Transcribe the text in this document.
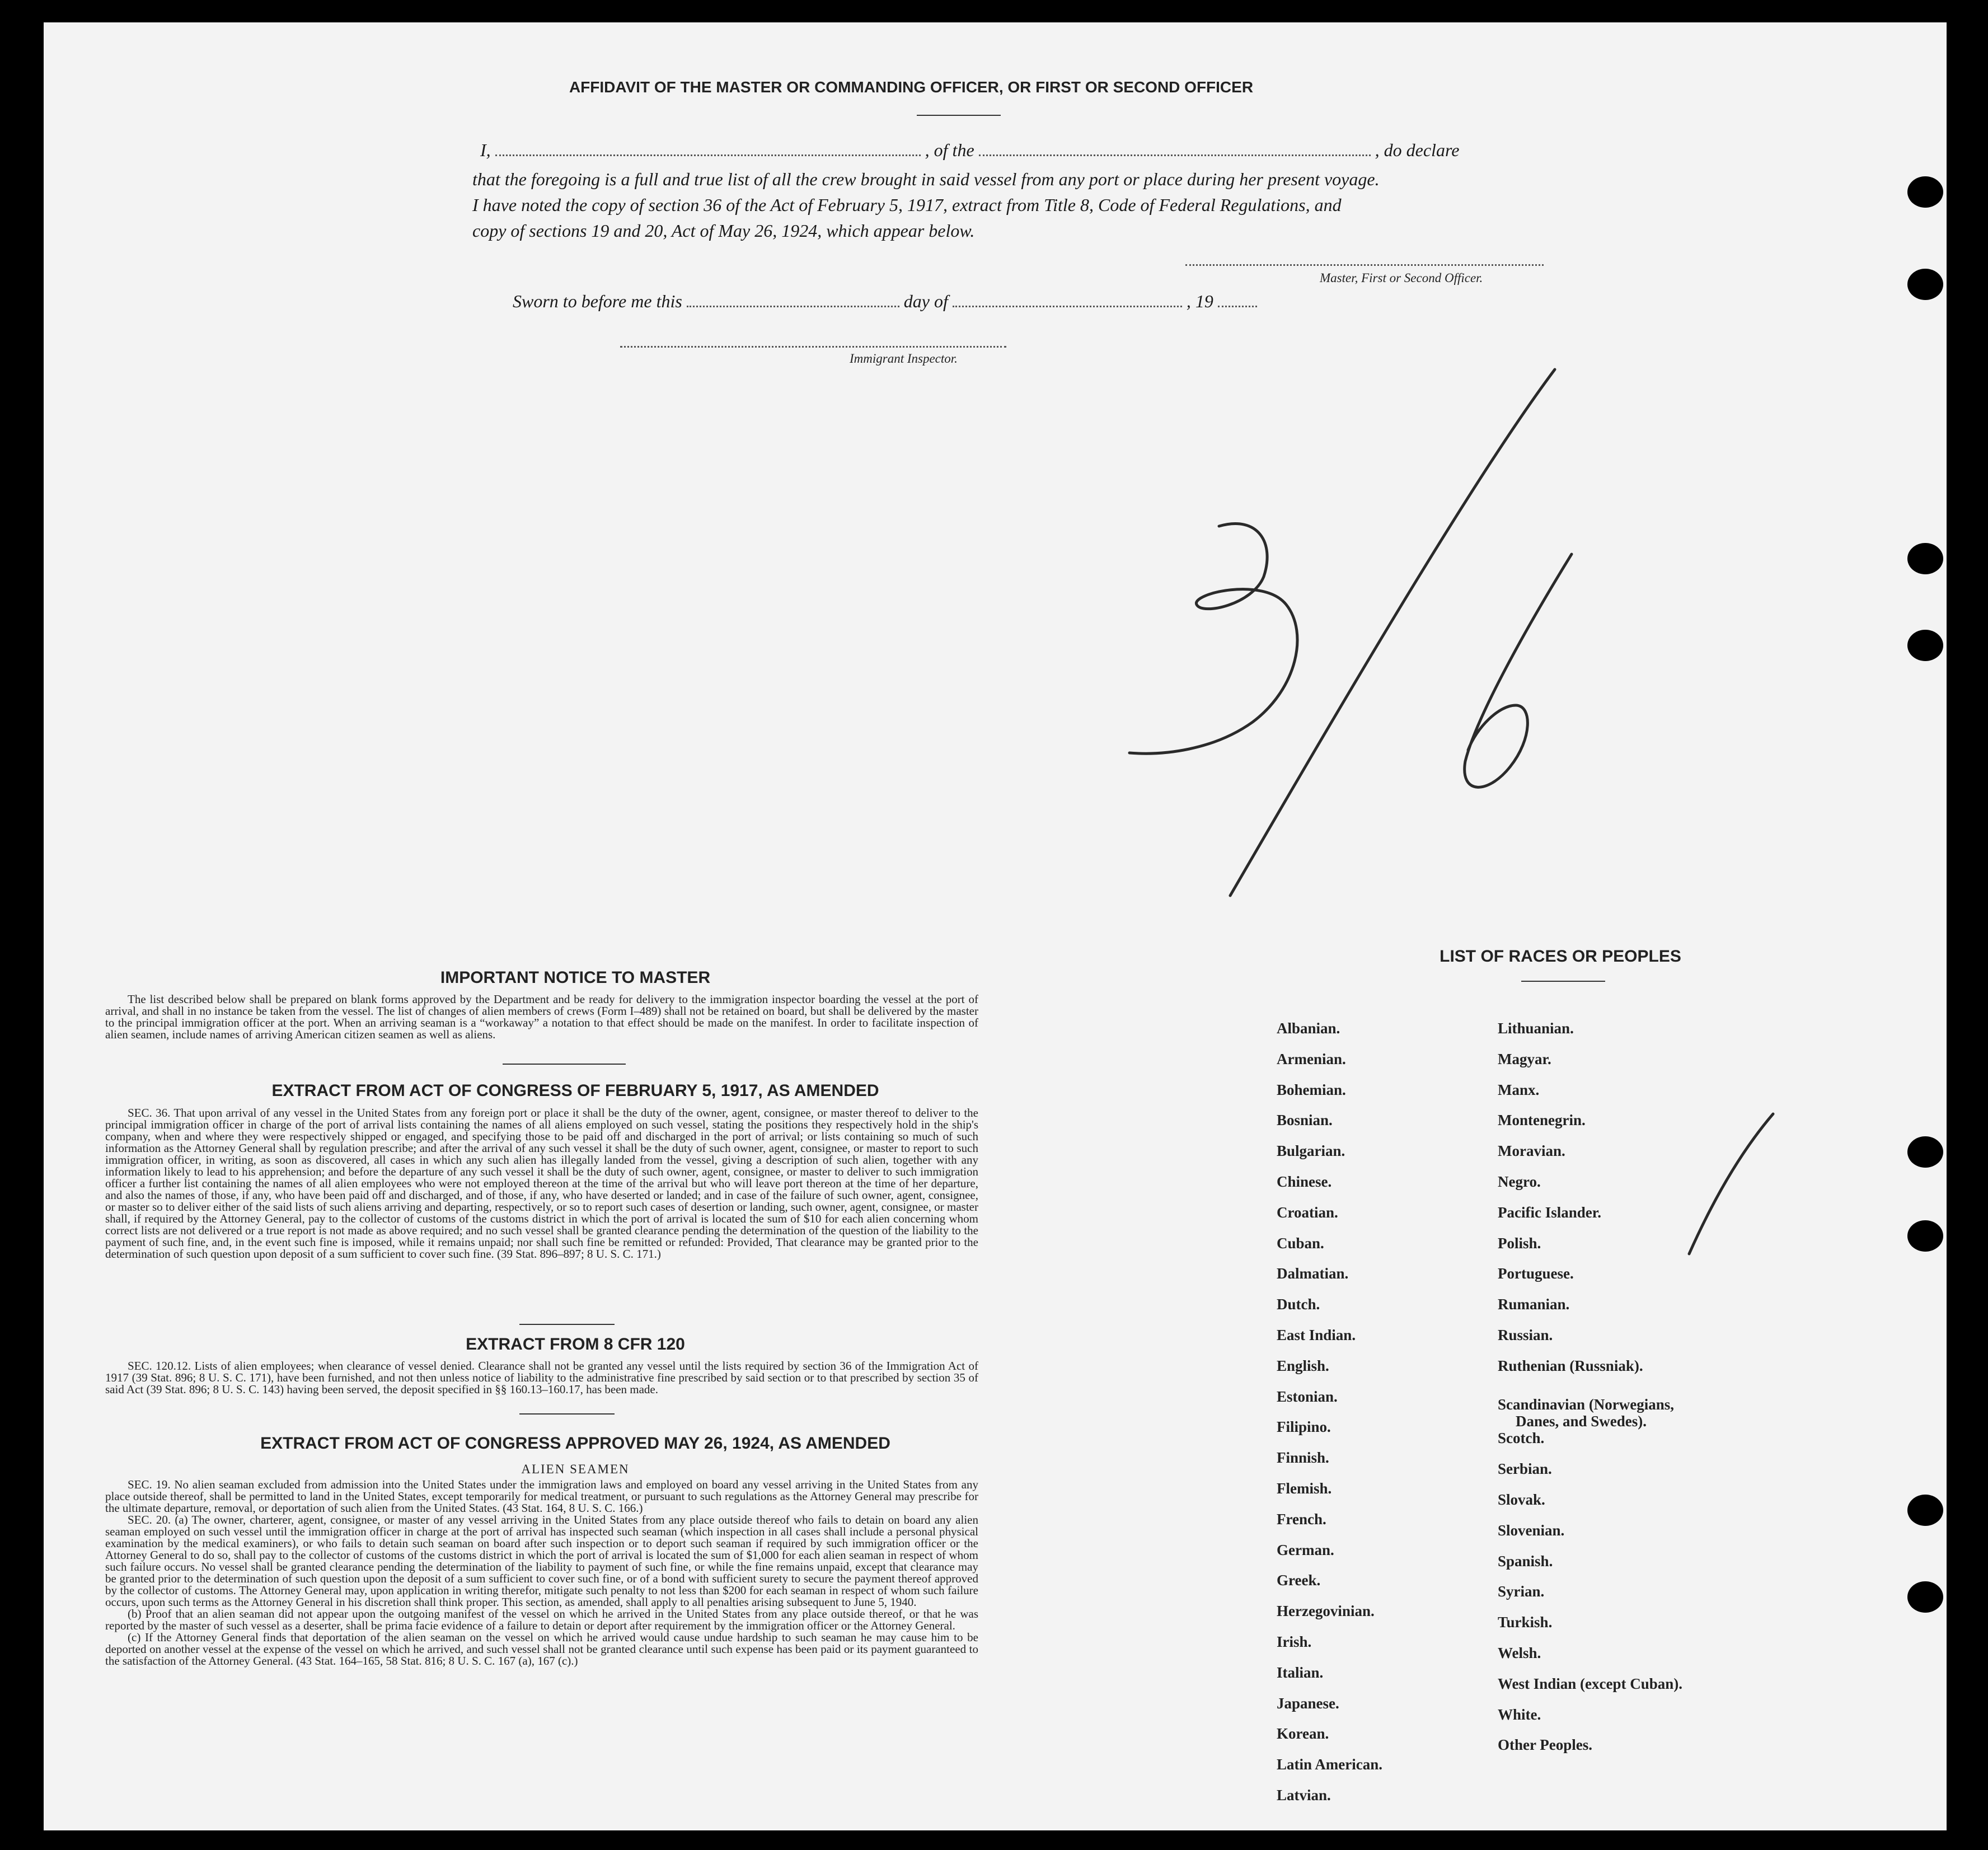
AFFIDAVIT OF THE MASTER OR COMMANDING OFFICER, OR FIRST OR SECOND OFFICER
I,	, of the	, do declare
that the foregoing is a full and true list of all the crew brought in said vessel from any port or place during her present voyage.
I have noted the copy of section 36 of the Act of February 5, 1917, extract from Title 8, Code of Federal Regulations, and
copy of sections 19 and 20, Act of May 26, 1924, which appear below.
Master, First or Second Officer.
Sworn to before me this	day of	, 19
Immigrant Inspector.
IMPORTANT NOTICE TO MASTER

The list described below shall be prepared on blank forms approved by the Department and be ready for delivery to the immigration inspector boarding the vessel at the port of arrival, and shall in no instance be taken from the vessel. The list of changes of alien members of crews (Form I–489) shall not be retained on board, but shall be delivered by the master to the principal immigration officer at the port. When an arriving seaman is a “workaway” a notation to that effect should be made on the manifest. In order to facilitate inspection of alien seamen, include names of arriving American citizen seamen as well as aliens.

EXTRACT FROM ACT OF CONGRESS OF FEBRUARY 5, 1917, AS AMENDED

SEC. 36. That upon arrival of any vessel in the United States from any foreign port or place it shall be the duty of the owner, agent, consignee, or master thereof to deliver to the principal immigration officer in charge of the port of arrival lists containing the names of all aliens employed on such vessel, stating the positions they respectively hold in the ship's company, when and where they were respectively shipped or engaged, and specifying those to be paid off and discharged in the port of arrival; or lists containing so much of such information as the Attorney General shall by regulation prescribe; and after the arrival of any such vessel it shall be the duty of such owner, agent, consignee, or master to report to such immigration officer, in writing, as soon as discovered, all cases in which any such alien has illegally landed from the vessel, giving a description of such alien, together with any information likely to lead to his apprehension; and before the departure of any such vessel it shall be the duty of such owner, agent, consignee, or master to deliver to such immigration officer a further list containing the names of all alien employees who were not employed thereon at the time of the arrival but who will leave port thereon at the time of her departure, and also the names of those, if any, who have been paid off and discharged, and of those, if any, who have deserted or landed; and in case of the failure of such owner, agent, consignee, or master so to deliver either of the said lists of such aliens arriving and departing, respectively, or so to report such cases of desertion or landing, such owner, agent, consignee, or master shall, if required by the Attorney General, pay to the collector of customs of the customs district in which the port of arrival is located the sum of $10 for each alien concerning whom correct lists are not delivered or a true report is not made as above required; and no such vessel shall be granted clearance pending the determination of the question of the liability to the payment of such fine, and, in the event such fine is imposed, while it remains unpaid; nor shall such fine be remitted or refunded: Provided, That clearance may be granted prior to the determination of such question upon deposit of a sum sufficient to cover such fine. (39 Stat. 896–897; 8 U. S. C. 171.)

EXTRACT FROM 8 CFR 120

SEC. 120.12. Lists of alien employees; when clearance of vessel denied. Clearance shall not be granted any vessel until the lists required by section 36 of the Immigration Act of 1917 (39 Stat. 896; 8 U. S. C. 171), have been furnished, and not then unless notice of liability to the administrative fine prescribed by said section or to that prescribed by section 35 of said Act (39 Stat. 896; 8 U. S. C. 143) having been served, the deposit specified in §§ 160.13–160.17, has been made.

EXTRACT FROM ACT OF CONGRESS APPROVED MAY 26, 1924, AS AMENDED
ALIEN SEAMEN

SEC. 19. No alien seaman excluded from admission into the United States under the immigration laws and employed on board any vessel arriving in the United States from any place outside thereof, shall be permitted to land in the United States, except temporarily for medical treatment, or pursuant to such regulations as the Attorney General may prescribe for the ultimate departure, removal, or deportation of such alien from the United States. (43 Stat. 164, 8 U. S. C. 166.)

SEC. 20. (a) The owner, charterer, agent, consignee, or master of any vessel arriving in the United States from any place outside thereof who fails to detain on board any alien seaman employed on such vessel until the immigration officer in charge at the port of arrival has inspected such seaman (which inspection in all cases shall include a personal physical examination by the medical examiners), or who fails to detain such seaman on board after such inspection or to deport such seaman if required by such immigration officer or the Attorney General to do so, shall pay to the collector of customs of the customs district in which the port of arrival is located the sum of $1,000 for each alien seaman in respect of whom such failure occurs. No vessel shall be granted clearance pending the determination of the liability to payment of such fine, or while the fine remains unpaid, except that clearance may be granted prior to the determination of such question upon the deposit of a sum sufficient to cover such fine, or of a bond with sufficient surety to secure the payment thereof approved by the collector of customs. The Attorney General may, upon application in writing therefor, mitigate such penalty to not less than $200 for each seaman in respect of whom such failure occurs, upon such terms as the Attorney General in his discretion shall think proper. This section, as amended, shall apply to all penalties arising subsequent to June 5, 1940.

(b) Proof that an alien seaman did not appear upon the outgoing manifest of the vessel on which he arrived in the United States from any place outside thereof, or that he was reported by the master of such vessel as a deserter, shall be prima facie evidence of a failure to detain or deport after requirement by the immigration officer or the Attorney General.

(c) If the Attorney General finds that deportation of the alien seaman on the vessel on which he arrived would cause undue hardship to such seaman he may cause him to be deported on another vessel at the expense of the vessel on which he arrived, and such vessel shall not be granted clearance until such expense has been paid or its payment guaranteed to the satisfaction of the Attorney General. (43 Stat. 164–165, 58 Stat. 816; 8 U. S. C. 167 (a), 167 (c).)

LIST OF RACES OR PEOPLES
Albanian.
Armenian.
Bohemian.
Bosnian.
Bulgarian.
Chinese.
Croatian.
Cuban.
Dalmatian.
Dutch.
East Indian.
English.
Estonian.
Filipino.
Finnish.
Flemish.
French.
German.
Greek.
Herzegovinian.
Irish.
Italian.
Japanese.
Korean.
Latin American.
Latvian.
Lithuanian.
Magyar.
Manx.
Montenegrin.
Moravian.
Negro.
Pacific Islander.
Polish.
Portuguese.
Rumanian.
Russian.
Ruthenian (Russniak).
Scandinavian (Norwegians,
Danes, and Swedes).
Scotch.
Serbian.
Slovak.
Slovenian.
Spanish.
Syrian.
Turkish.
Welsh.
West Indian (except Cuban).
White.
Other Peoples.
